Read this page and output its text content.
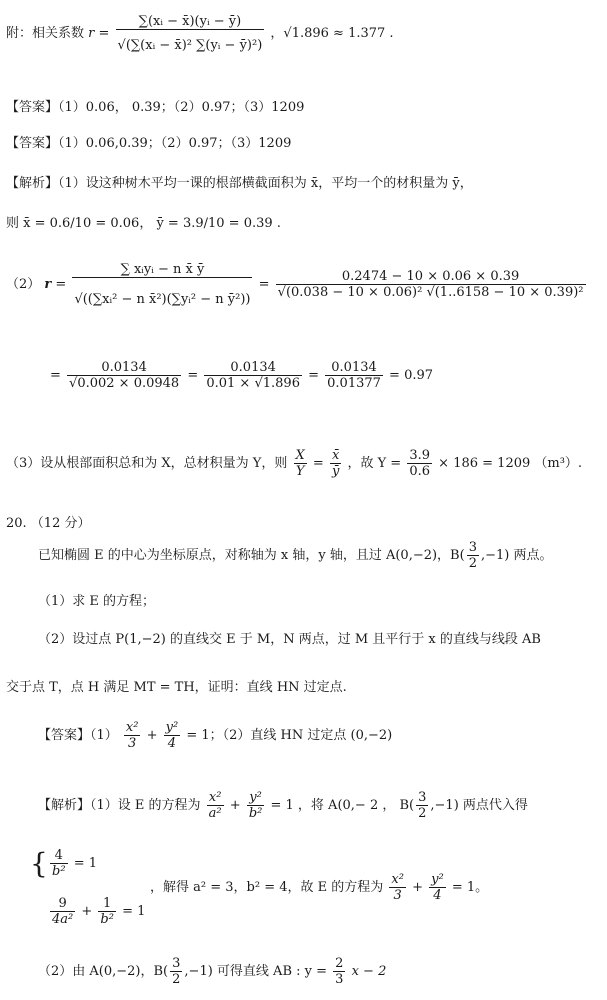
附：相关系数 $r = \frac{\text{∑(xᵢ − x̄)(yᵢ − ȳ)}}{\text{√(∑(xᵢ − x̄)² ∑(yᵢ − ȳ)²)}}$ ，√1.896 ≈ 1.377 .
【答案】（1）0.06， 0.39；（2）0.97；（3）1209
【答案】（1）0.06,0.39；（2）0.97；（3）1209
【解析】（1）设这种树木平均一课的根部横截面积为 x̄，平均一个的材积量为 ȳ，
则 x̄ = 0.6/10 = 0.06， ȳ = 3.9/10 = 0.39 .
（2） $r = \frac{\text{∑ xᵢyᵢ − n x̄ ȳ}}{\text{√((∑xᵢ² − n x̄²)(∑yᵢ² − n ȳ²))}} = \frac{0.2474 - 10 \times 0.06 \times 0.39}{\text{√(0.038 − 10 × 0.06)² √(1..6158 − 10 × 0.39)²}}$
= $\frac{0.0134}{√0.002 \times 0.0948} = \frac{0.0134}{0.01 \times √1.896} = \frac{0.0134}{0.01377} = 0.97$
（3）设从根部面积总和为 X，总材积量为 Y，则 $\frac{X}{Y} = \frac{x̄}{ȳ}$ ，故 $Y = \frac{3.9}{0.6} \times 186 = 1209$ （m³）.
20. （12 分）
已知椭圆 E 的中心为坐标原点，对称轴为 x 轴，y 轴，且过 A(0,−2)，$B( \frac{3}{2} ,-1)$ 两点。
（1）求 E 的方程；
（2）设过点 P(1,−2) 的直线交 E 于 M，N 两点，过 M 且平行于 x 的直线与线段 AB
交于点 T，点 H 满足 MT = TH，证明：直线 HN 过定点.
【答案】$(1) \frac{\text{x²}}{3} + \frac{\text{y²}}{4} = 1$；（2）直线 HN 过定点 (0,−2)
【解析】（1）设 E 的方程为 $\frac{\text{x²}}{\text{a²}} + \frac{\text{y²}}{\text{b²}} = 1$ ，将 A(0,− 2 ， $B( \frac{3}{2} ,-1)$ 两点代入得
{ $\frac{4}{\text{b²}} = 1$
$\frac{9}{\text{4a²}} + \frac{1}{\text{b²}} = 1$
，解得 a² = 3，b² = 4，故 E 的方程为 $\frac{\text{x²}}{3} + \frac{\text{y²}}{4} = 1$。
（2）由 A(0,−2)，$B( \frac{3}{2} ,-1)$ 可得直线 AB : $y = \frac{2}{3}$ x − 2
